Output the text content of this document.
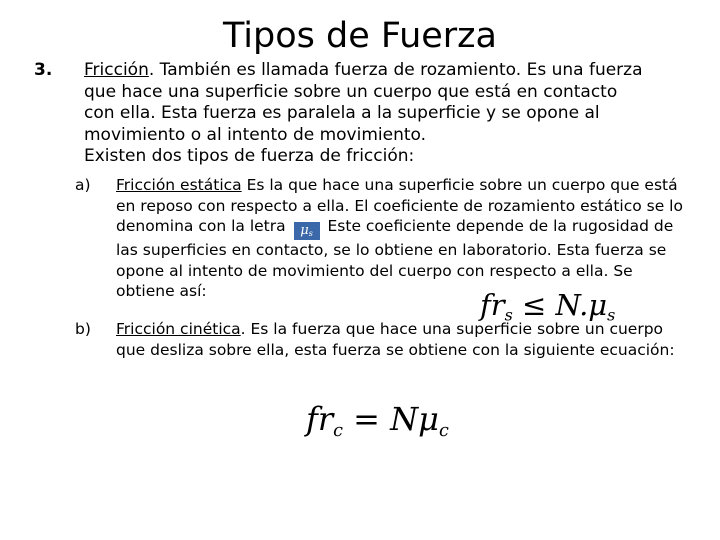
Tipos de Fuerza
3. Fricción. También es llamada fuerza de rozamiento. Es una fuerza que hace una superficie sobre un cuerpo que está en contacto con ella. Esta fuerza es paralela a la superficie y se opone al movimiento o al intento de movimiento.
Existen dos tipos de fuerza de fricción:
a) Fricción estática Es la que hace una superficie sobre un cuerpo que está en reposo con respecto a ella. El coeficiente de rozamiento estático se lo denomina con la letra $\mu_s$ Este coeficiente depende de la rugosidad de las superficies en contacto, se lo obtiene en laboratorio. Esta fuerza se opone al intento de movimiento del cuerpo con respecto a ella. Se obtiene así:	$fr_s \le N.\mu_s$
b) Fricción cinética. Es la fuerza que hace una superficie sobre un cuerpo que desliza sobre ella, esta fuerza se obtiene con la siguiente ecuación:
$fr_c = N\mu_c$
